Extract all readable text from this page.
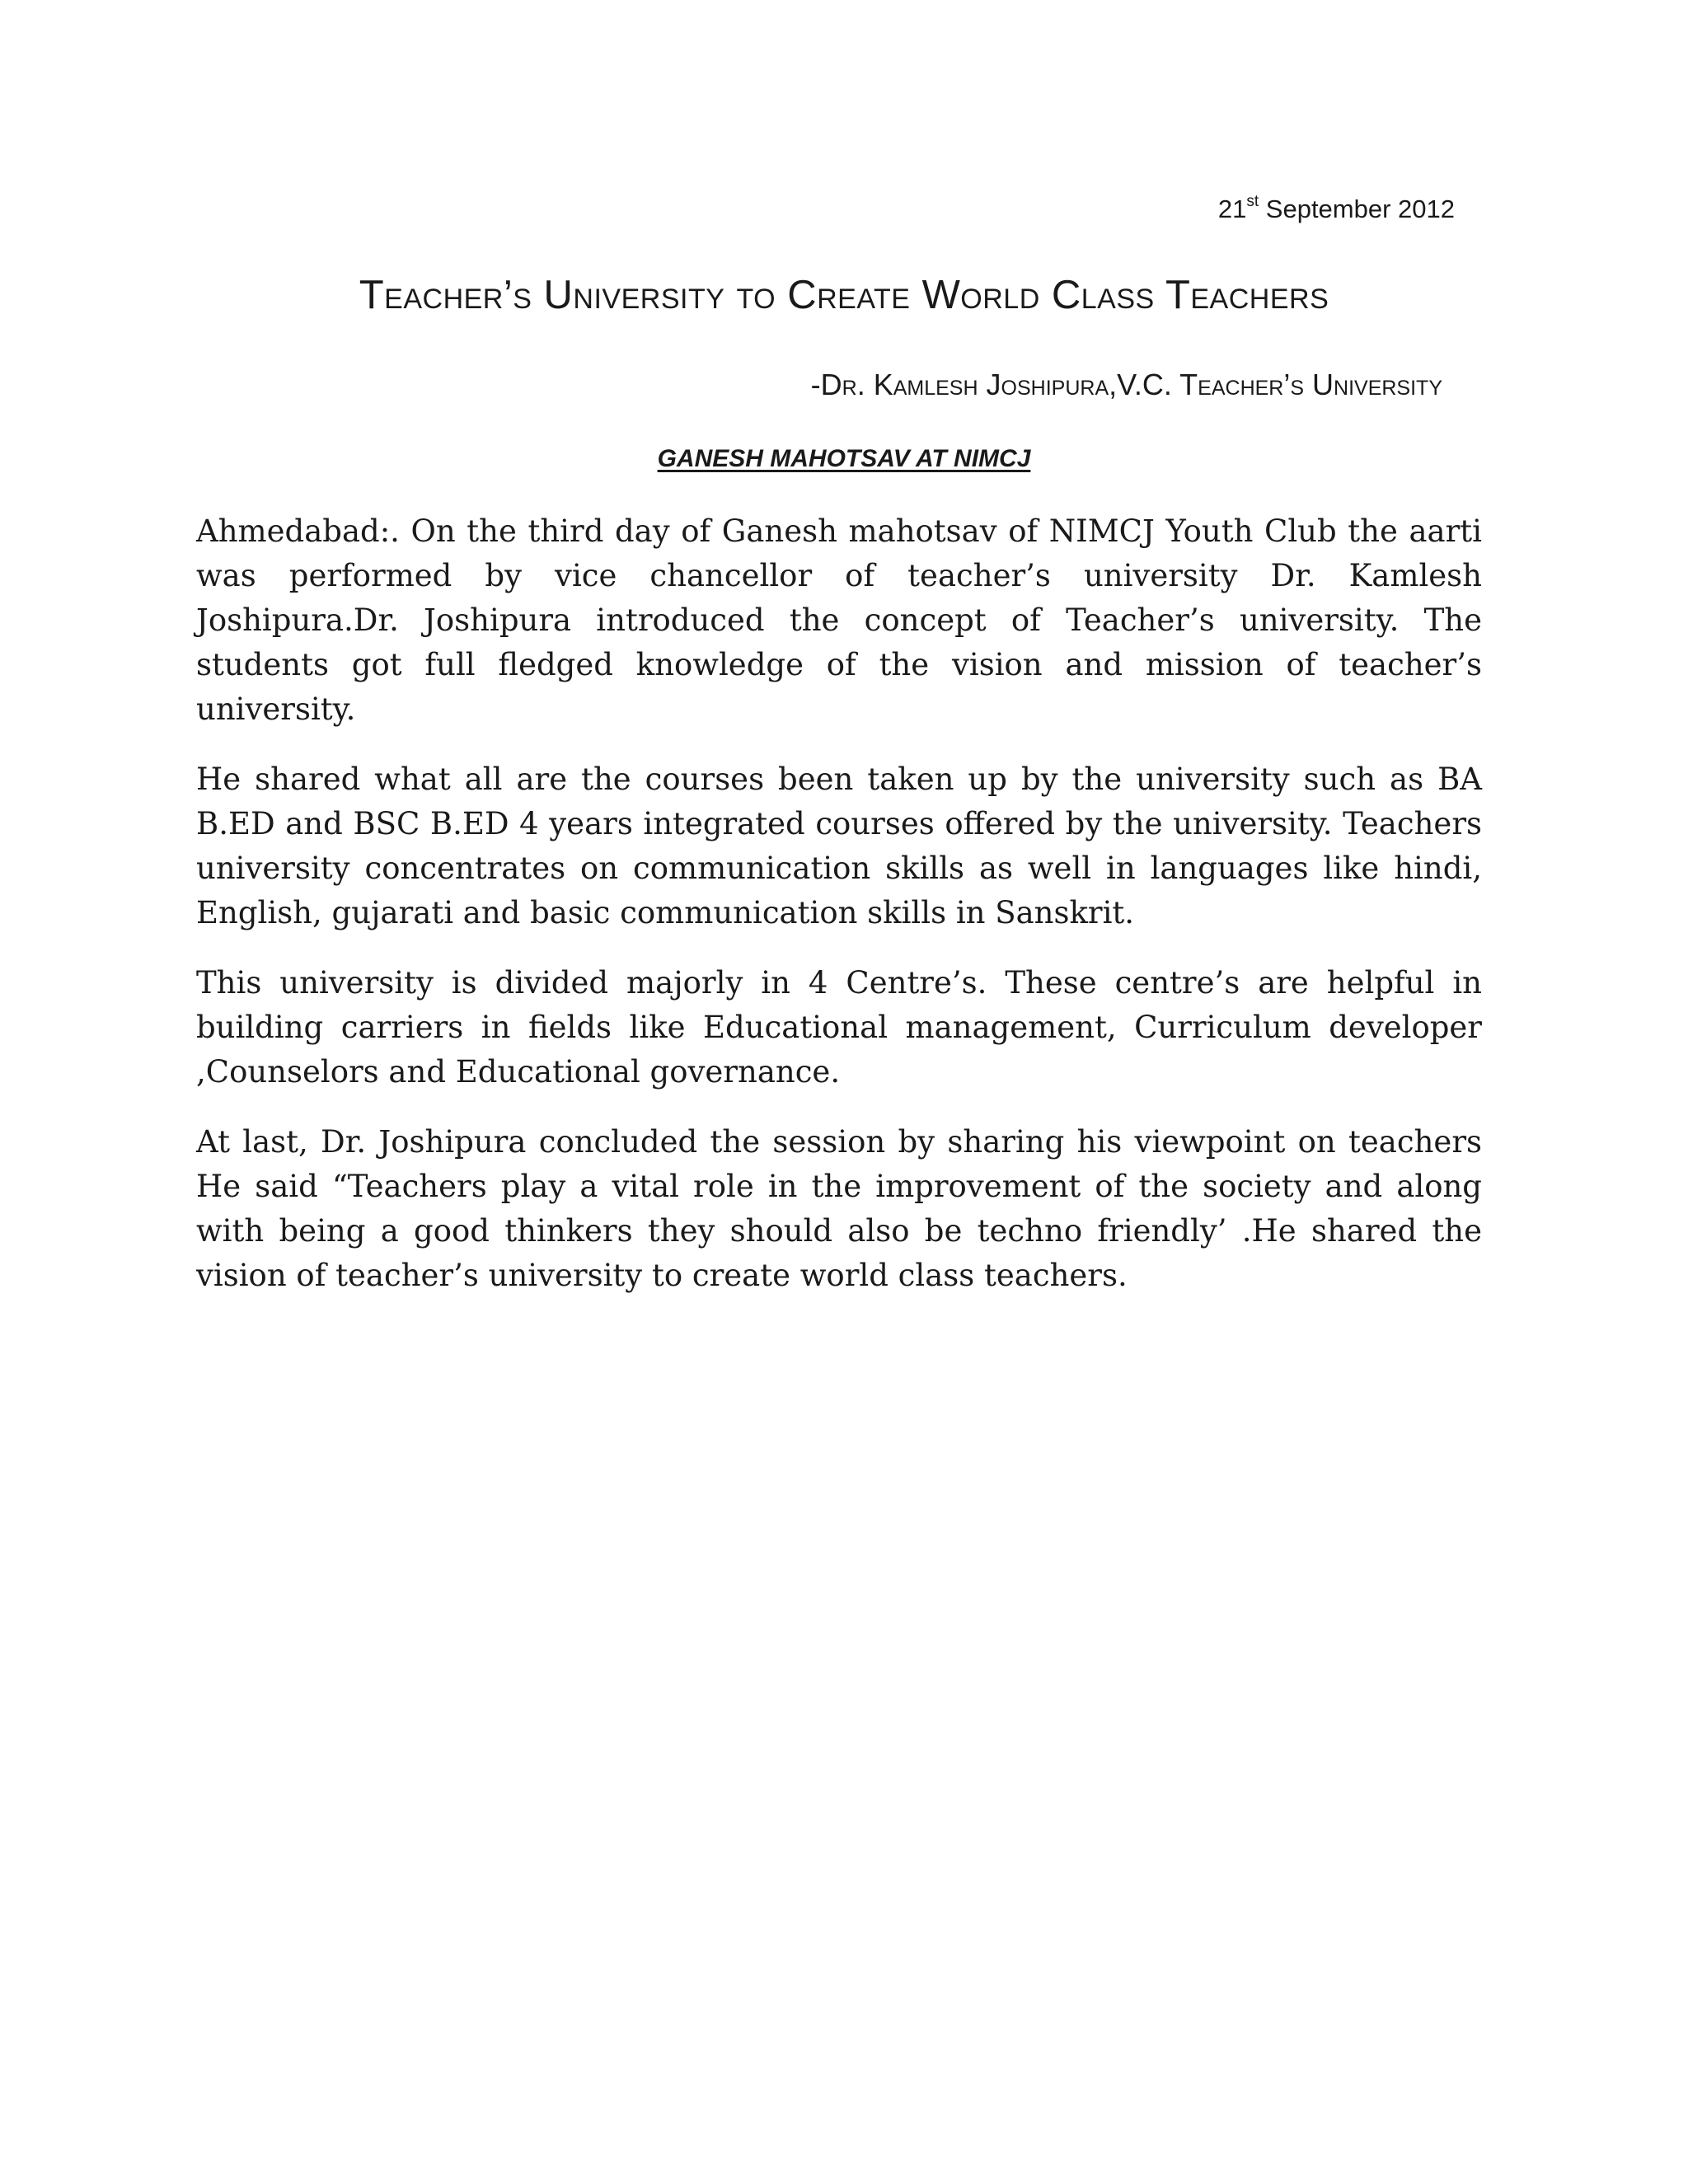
21st September 2012
Teacher’s University to Create World Class Teachers
-Dr. Kamlesh Joshipura,V.C. Teacher’s University
GANESH MAHOTSAV AT NIMCJ

Ahmedabad:. On the third day of Ganesh mahotsav of NIMCJ Youth Club the aarti was performed by vice chancellor of teacher’s university Dr. Kamlesh Joshipura.Dr. Joshipura introduced the concept of Teacher’s university. The students got full fledged knowledge of the vision and mission of teacher’s university.

He shared what all are the courses been taken up by the university such as BA B.ED and BSC B.ED 4 years integrated courses offered by the university. Teachers university concentrates on communication skills as well in languages like hindi, English, gujarati and basic communication skills in Sanskrit.

This university is divided majorly in 4 Centre’s. These centre’s are helpful in building carriers in fields like Educational management, Curriculum developer ,Counselors and Educational governance.

At last, Dr. Joshipura concluded the session by sharing his viewpoint on teachers He said “Teachers play a vital role in the improvement of the society and along with being a good thinkers they should also be techno friendly’ .He shared the vision of teacher’s university to create world class teachers.
